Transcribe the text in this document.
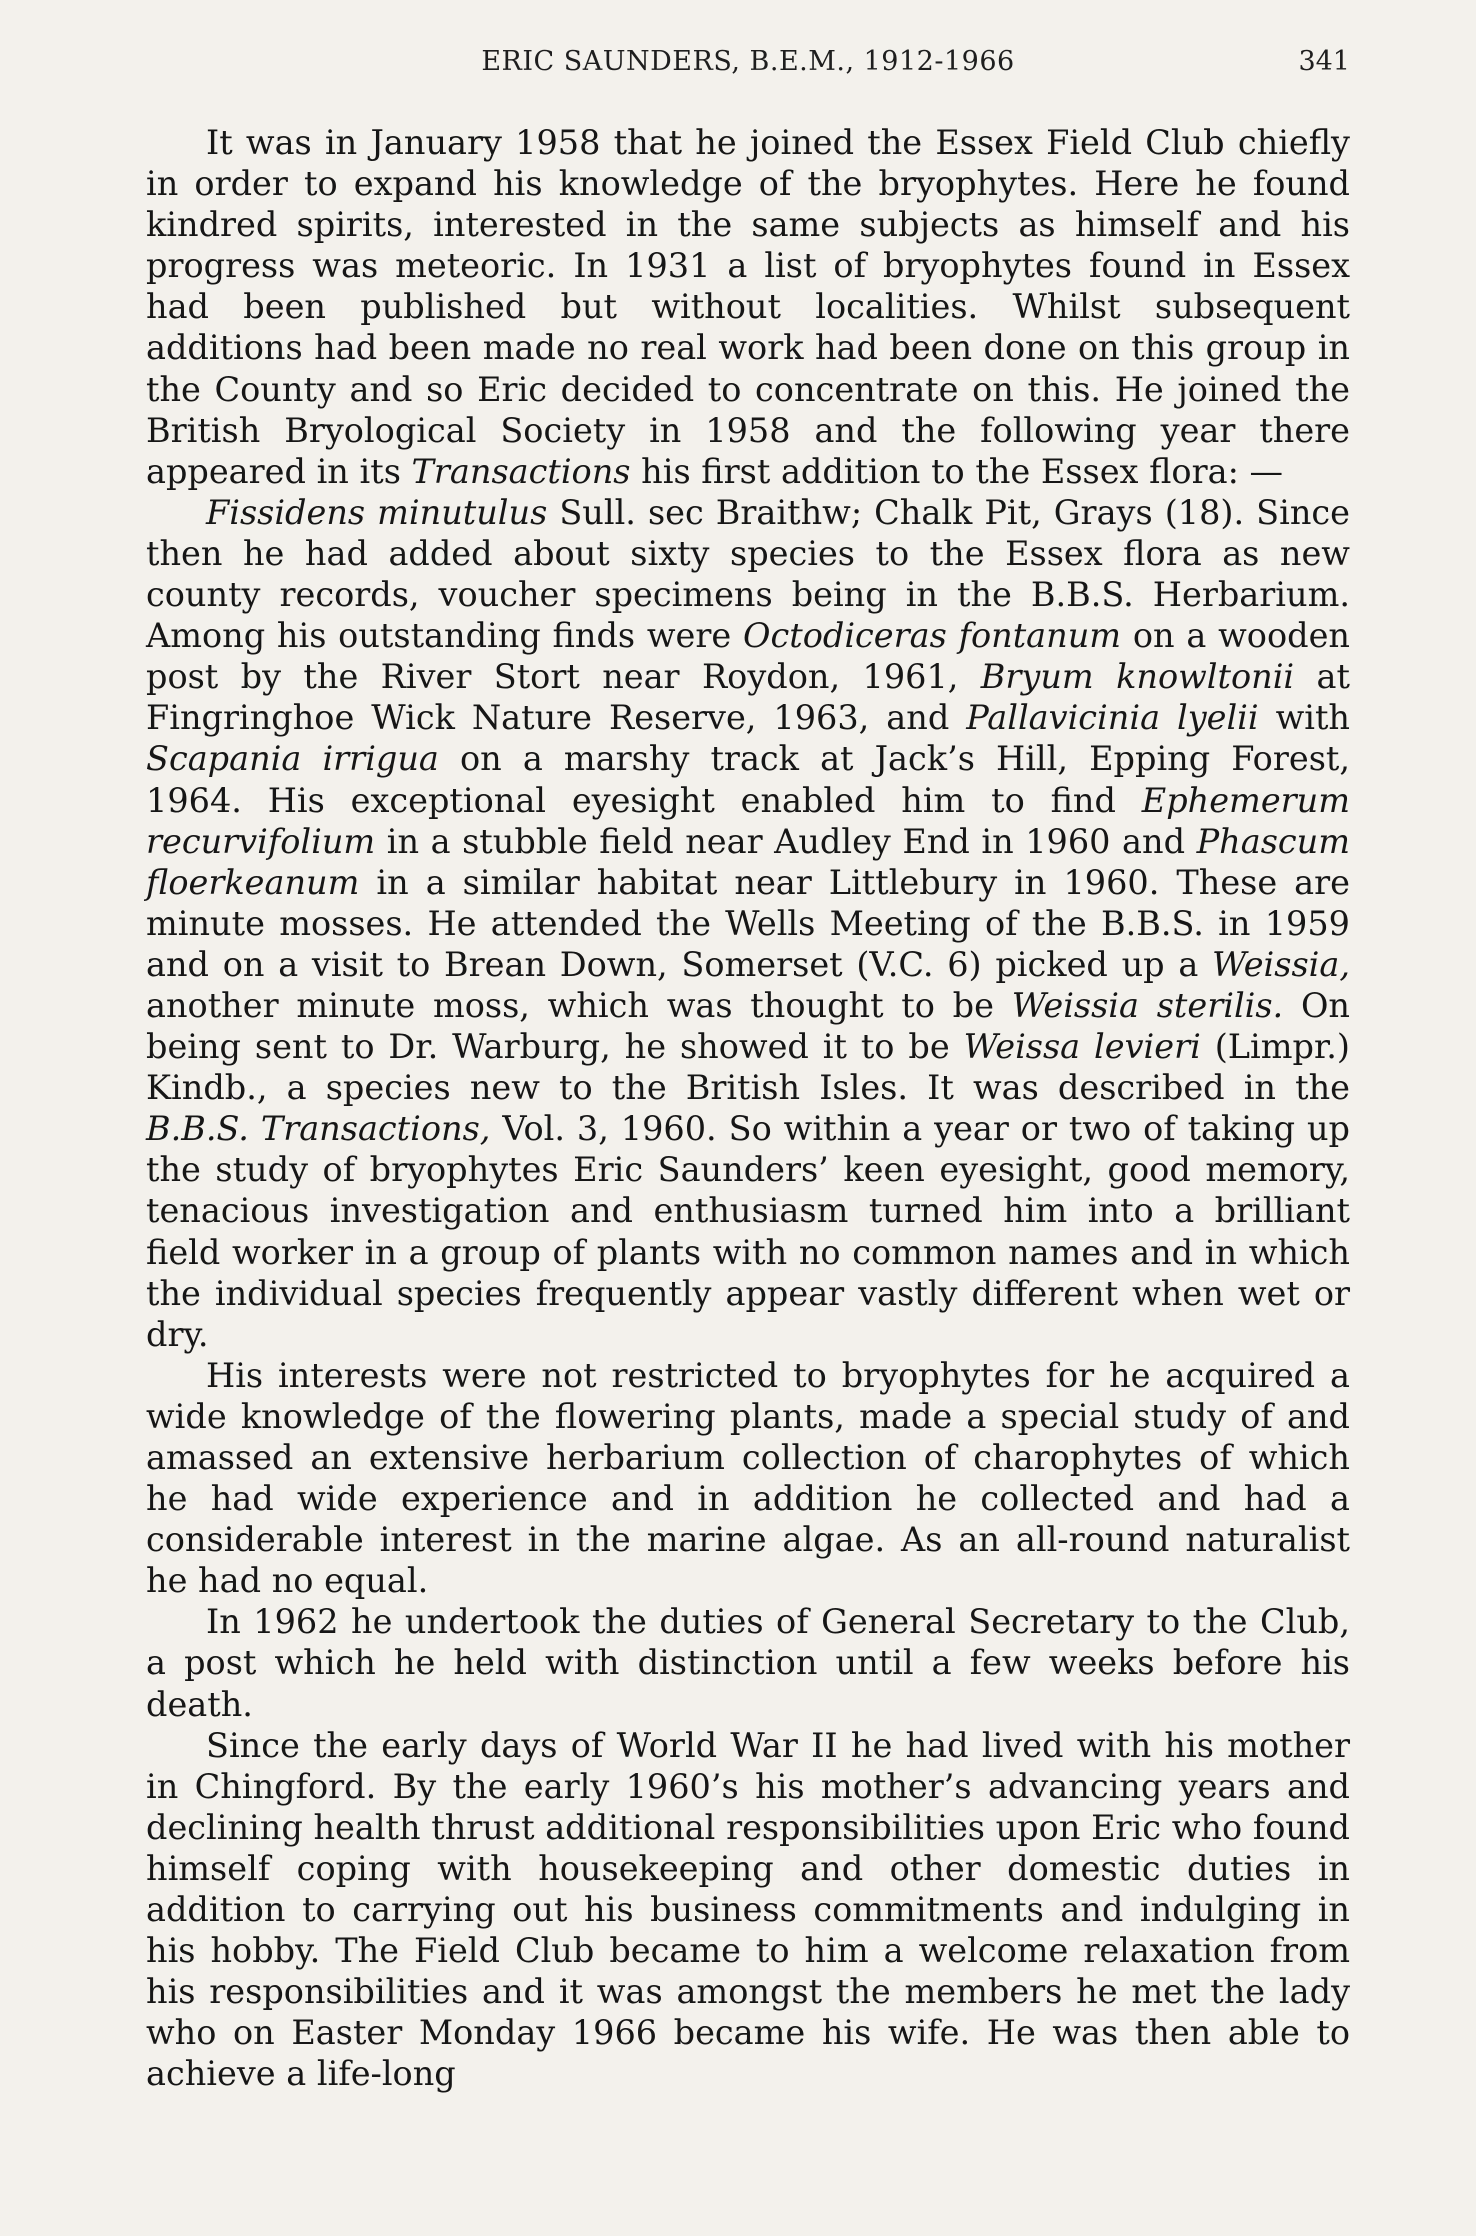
ERIC SAUNDERS, B.E.M., 1912-1966	341

It was in January 1958 that he joined the Essex Field Club chiefly in order to expand his knowledge of the bryophytes. Here he found kindred spirits, interested in the same subjects as himself and his progress was meteoric. In 1931 a list of bryophytes found in Essex had been published but without localities. Whilst subsequent additions had been made no real work had been done on this group in the County and so Eric decided to concentrate on this. He joined the British Bryological Society in 1958 and the following year there appeared in its Transactions his first addition to the Essex flora: —

Fissidens minutulus Sull. sec Braithw; Chalk Pit, Grays (18). Since then he had added about sixty species to the Essex flora as new county records, voucher specimens being in the B.B.S. Herbarium. Among his outstanding finds were Octodiceras fontanum on a wooden post by the River Stort near Roydon, 1961, Bryum knowltonii at Fingringhoe Wick Nature Reserve, 1963, and Pallavicinia lyelii with Scapania irrigua on a marshy track at Jack’s Hill, Epping Forest, 1964. His exceptional eyesight enabled him to find Ephemerum recurvifolium in a stubble field near Audley End in 1960 and Phascum floerkeanum in a similar habitat near Littlebury in 1960. These are minute mosses. He attended the Wells Meeting of the B.B.S. in 1959 and on a visit to Brean Down, Somerset (V.C. 6) picked up a Weissia, another minute moss, which was thought to be Weissia sterilis. On being sent to Dr. Warburg, he showed it to be Weissa levieri (Limpr.) Kindb., a species new to the British Isles. It was described in the B.B.S. Transactions, Vol. 3, 1960. So within a year or two of taking up the study of bryophytes Eric Saunders’ keen eyesight, good memory, tenacious investigation and enthusiasm turned him into a brilliant field worker in a group of plants with no common names and in which the individual species frequently appear vastly different when wet or dry.

His interests were not restricted to bryophytes for he acquired a wide knowledge of the flowering plants, made a special study of and amassed an extensive herbarium collection of charophytes of which he had wide experience and in addition he collected and had a considerable interest in the marine algae. As an all-round naturalist he had no equal.

In 1962 he undertook the duties of General Secretary to the Club, a post which he held with distinction until a few weeks before his death.

Since the early days of World War II he had lived with his mother in Chingford. By the early 1960’s his mother’s advancing years and declining health thrust additional responsibilities upon Eric who found himself coping with housekeeping and other domestic duties in addition to carrying out his business commitments and indulging in his hobby. The Field Club became to him a welcome relaxation from his responsibilities and it was amongst the members he met the lady who on Easter Monday 1966 became his wife. He was then able to achieve a life-long
